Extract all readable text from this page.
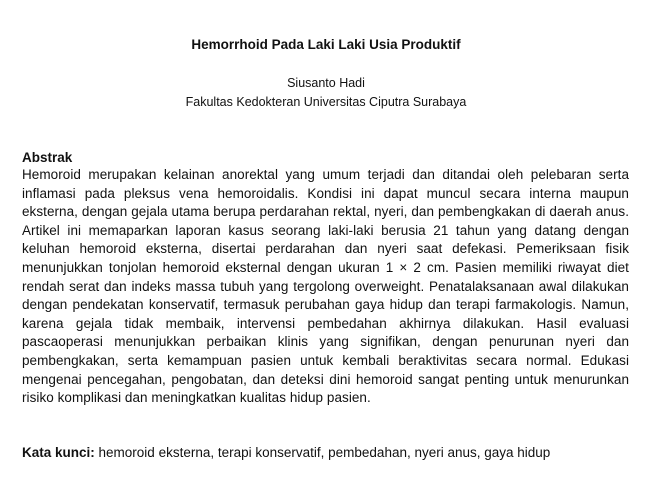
Hemorrhoid Pada Laki Laki Usia Produktif
Siusanto Hadi
Fakultas Kedokteran Universitas Ciputra Surabaya
Abstrak
Hemoroid merupakan kelainan anorektal yang umum terjadi dan ditandai oleh pelebaran serta inflamasi pada pleksus vena hemoroidalis. Kondisi ini dapat muncul secara interna maupun eksterna, dengan gejala utama berupa perdarahan rektal, nyeri, dan pembengkakan di daerah anus. Artikel ini memaparkan laporan kasus seorang laki-laki berusia 21 tahun yang datang dengan keluhan hemoroid eksterna, disertai perdarahan dan nyeri saat defekasi. Pemeriksaan fisik menunjukkan tonjolan hemoroid eksternal dengan ukuran 1 × 2 cm. Pasien memiliki riwayat diet rendah serat dan indeks massa tubuh yang tergolong overweight. Penatalaksanaan awal dilakukan dengan pendekatan konservatif, termasuk perubahan gaya hidup dan terapi farmakologis. Namun, karena gejala tidak membaik, intervensi pembedahan akhirnya dilakukan. Hasil evaluasi pascaoperasi menunjukkan perbaikan klinis yang signifikan, dengan penurunan nyeri dan pembengkakan, serta kemampuan pasien untuk kembali beraktivitas secara normal. Edukasi mengenai pencegahan, pengobatan, dan deteksi dini hemoroid sangat penting untuk menurunkan risiko komplikasi dan meningkatkan kualitas hidup pasien.
Kata kunci: hemoroid eksterna, terapi konservatif, pembedahan, nyeri anus, gaya hidup
